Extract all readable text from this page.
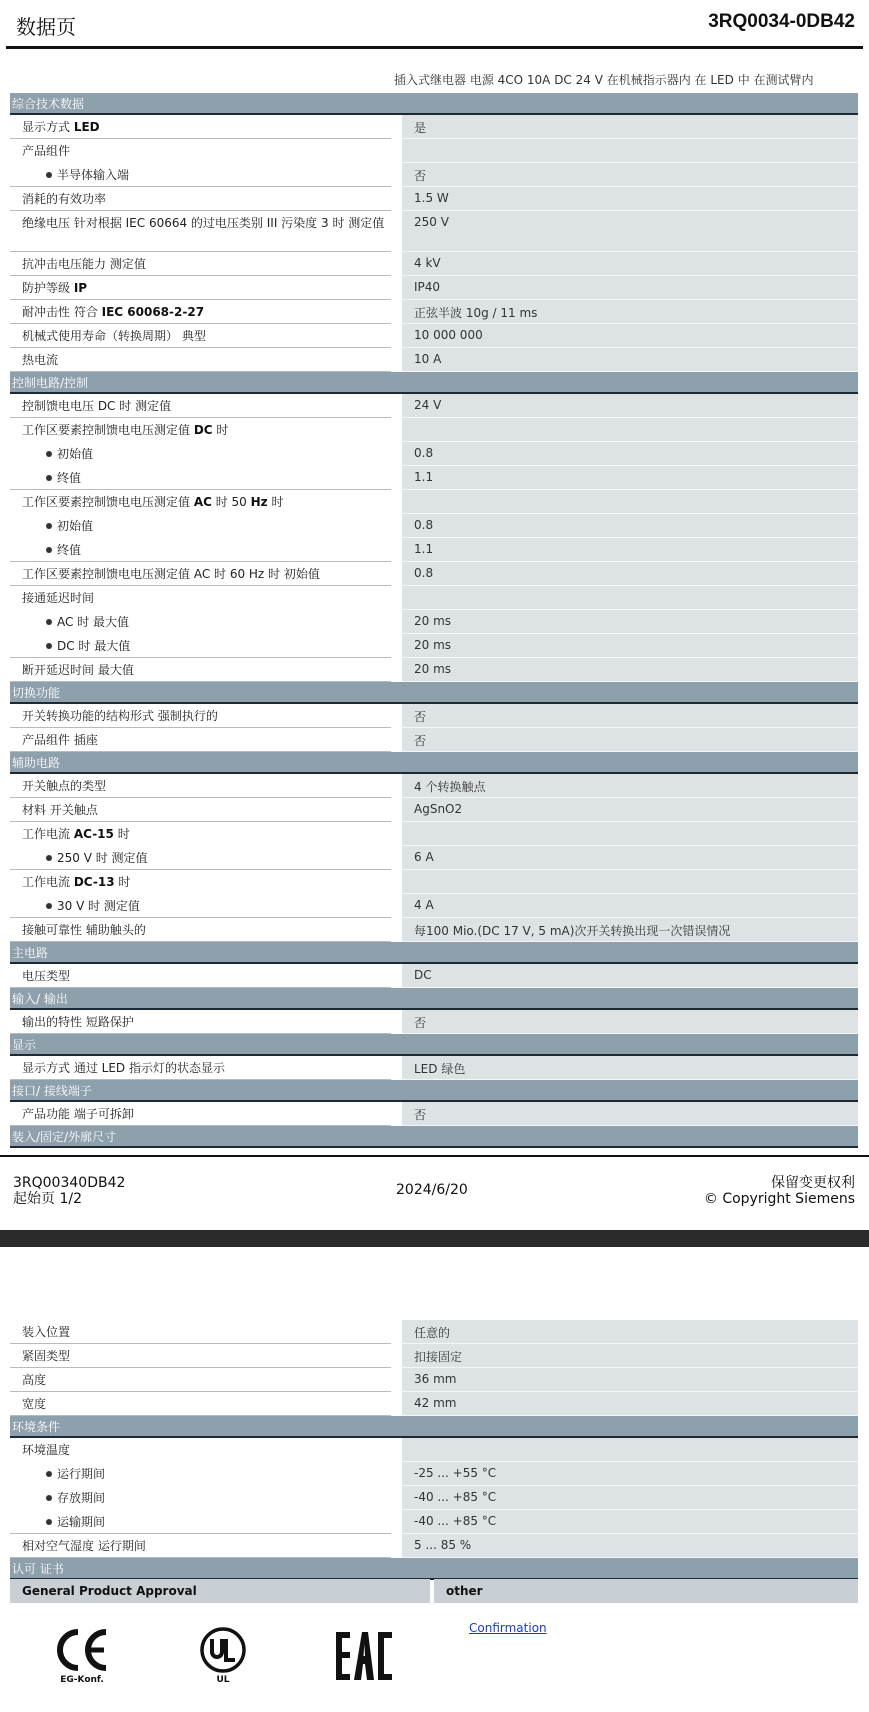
数据页	3RQ0034-0DB42
插入式继电器 电源 4CO 10A DC 24 V 在机械指示器内 在 LED 中 在测试臂内
综合技术数据
显示方式 LED	是
产品组件
半导体输入端	否
消耗的有效功率	1.5 W
绝缘电压 针对根据 IEC 60664 的过电压类别 III 污染度 3 时 测定值	250 V
抗冲击电压能力 测定值	4 kV
防护等级 IP	IP40
耐冲击性 符合 IEC 60068-2-27	正弦半波 10g / 11 ms
机械式使用寿命（转换周期） 典型	10 000 000
热电流	10 A
控制电路/控制
控制馈电电压 DC 时 测定值	24 V
工作区要素控制馈电电压测定值 DC 时
初始值	0.8
终值	1.1
工作区要素控制馈电电压测定值 AC 时 50 Hz 时
初始值	0.8
终值	1.1
工作区要素控制馈电电压测定值 AC 时 60 Hz 时 初始值	0.8
接通延迟时间
AC 时 最大值	20 ms
DC 时 最大值	20 ms
断开延迟时间 最大值	20 ms
切换功能
开关转换功能的结构形式 强制执行的	否
产品组件 插座	否
辅助电路
开关触点的类型	4 个转换触点
材料 开关触点	AgSnO2
工作电流 AC-15 时
250 V 时 测定值	6 A
工作电流 DC-13 时
30 V 时 测定值	4 A
接触可靠性 辅助触头的	每100 Mio.(DC 17 V, 5 mA)次开关转换出现一次错误情况
主电路
电压类型	DC
输入/ 输出
输出的特性 短路保护	否
显示
显示方式 通过 LED 指示灯的状态显示	LED 绿色
接口/ 接线端子
产品功能 端子可拆卸	否
装入/固定/外廓尺寸
3RQ00340DB42
起始页 1/2
2024/6/20	保留变更权利
© Copyright Siemens
装入位置	任意的
紧固类型	扣接固定
高度	36 mm
宽度	42 mm
环境条件
环境温度
运行期间	-25 ... +55 °C
存放期间	-40 ... +85 °C
运输期间	-40 ... +85 °C
相对空气湿度 运行期间	5 ... 85 %
认可 证书
General Product Approval	other
EG-Konf.	UL
Confirmation
